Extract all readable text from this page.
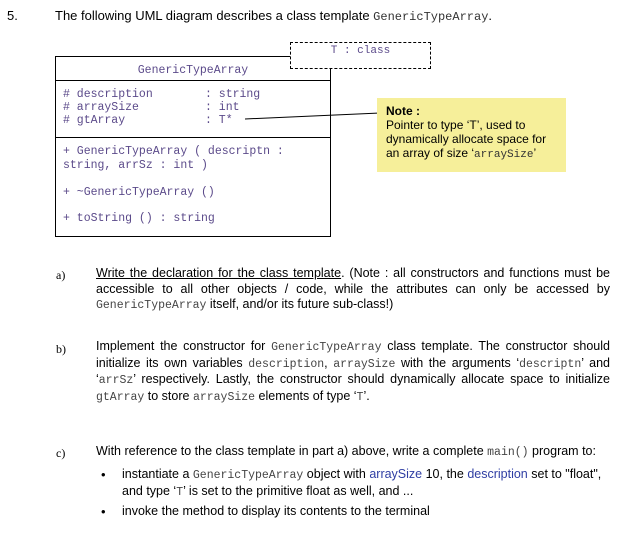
5.	The following UML diagram describes a class template GenericTypeArray.
GenericTypeArray
# description	: string
# arraySize	: int
# gtArray	: T*
+ GenericTypeArray ( descriptn :
string, arrSz : int )
+ ~GenericTypeArray ()
+ toString () : string
T : class
Note :
Pointer to type ‘T’, used to
dynamically allocate space for
an array of size ‘arraySize’
a) Write the declaration for the class template. (Note : all constructors and functions must be accessible to all other objects / code, while the attributes can only be accessed by GenericTypeArray itself, and/or its future sub-class!)
b) Implement the constructor for GenericTypeArray class template. The constructor should initialize its own variables description, arraySize with the arguments ‘descriptn’ and ‘arrSz’ respectively. Lastly, the constructor should dynamically allocate space to initialize gtArray to store arraySize elements of type ‘T’.
c) With reference to the class template in part a) above, write a complete main() program to:
• instantiate a GenericTypeArray object with arraySize 10, the description set to "float", and type ‘T’ is set to the primitive float as well, and ...
• invoke the method to display its contents to the terminal
